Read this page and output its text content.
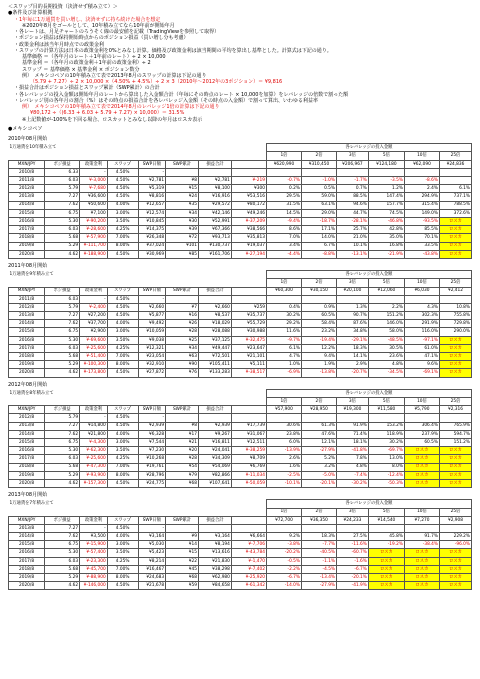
＜スワップ目的長期投資（決済せず積み立て）＞
●条件及び計算根拠
・1年毎に1万通貨を買い増し、決済せずに持ち続けた場合を想定
※2020年8月をゴールとして、10年積み立てなら10年前が開始年月
・各レートは、月足チャートのろうそく線の最安値を記載（TradingViewを参照して取得）
・ポジション損益は保持開始時点からのポジション損益（買い増し分も考慮）
・政策金利は該当年月時点での政策金利
・スワップの計算方法は日本の政策金利を0%とみなし計算。価格及び政策金利は該当期間の平均を算出し基準とした。計算式は下記の通り。
基準価格 ＝（各年月のレート＋1年前のレート）÷ 2 × 10,000
基準金利 ＝（各年月の政策金利＋1年前の政策金利）÷ 2
スワップ ＝ 基準価格 × 基準金利 × ポジション数分
例）　メキシコペソの10年積み立て表で2013年8月のスワップの計算は下記の通り
（5.79 + 7.27）÷ 2 × 10,000 ×（4.50% + 4.5%）÷ 2 × 3（2010年〜2012年の3ポジション）＝ ¥9,816
・損益合計はポジション損益とスワップ累計（SWP累計）の合計
・各レバレッジの投入金額は開始年月のレートから算出した入金額合計（年毎にその時点のレート × 10,000を加算）をレバレッジの倍数で割った額
・レバレッジ別の各年月の割合（%）はその時点の損益合計を各レバレッジ入金額（その時点の入金額）で割って算出、いわゆる利益率
例）　メキシコペソの10年積み立て表で2014年8月のレバレッジ1倍の計算は下記の通り
¥80,172 ÷（(6.33 + 6.03 + 5.79 + 7.27) × 10,000）＝ 31.5%
※上記数値が-100%を下回る場合、ロスカットとみなし以降の年月はロスカ表示
●メキシコペソ
2010年08月開始
1万通貨を10年積み立て								各レバレッジの投入金額					
								1倍	2倍	3倍	5倍	10倍	25倍
MXN/JPY	ポジ損益	政策金利	スワップ	SWP日額	SWP累計	損益合計		¥620,990	¥310,450	¥206,967	¥124,180	¥62,090	¥24,836
2010/8	6.33	-	4.50%	-									
2011/8	6.03	¥-3,000	4.50%	¥2,781	¥8	¥2,781	¥-219	-0.7%	-1.0%	-1.7%	-3.5%	-8.6%	
2012/8	5.79	¥-7,680	4.50%	¥5,319	¥15	¥8,100	¥300	0.2%	0.5%	0.7%	1.2%	2.4%	6.1%
2013/8	7.27	¥36,600	4.50%	¥8,816	¥24	¥16,916	¥53,516	29.5%	59.0%	88.5%	147.4%	294.9%	737.1%
2014/8	7.62	¥50,600	4.00%	¥12,657	¥35	¥29,572	¥80,172	31.5%	63.1%	94.6%	157.7%	315.4%	788.5%
2015/8	6.75	¥7,100	3.00%	¥12,574	¥34	¥42,146	¥49,246	14.5%	29.0%	44.7%	74.5%	149.0%	372.6%
2016/8	5.30	¥-90,200	3.50%	¥10,845	¥30	¥52,991	¥-37,209	-9.4%	-18.7%	-28.1%	-46.8%	-93.5%	ロスカ
2017/8	6.03	¥-28,600	4.25%	¥14,375	¥39	¥67,366	¥38,566	8.6%	17.1%	25.7%	42.8%	85.5%	ロスカ
2018/8	5.68	¥-57,900	7.00%	¥26,348	¥72	¥93,713	¥35,813	7.0%	14.0%	21.0%	35.0%	70.1%	ロスカ
2019/8	5.29	¥-111,700	8.00%	¥37,024	¥101	¥130,737	¥19,037	3.4%	6.7%	10.1%	16.8%	33.5%	ロスカ
2020/8	4.62	¥-188,900	4.50%	¥30,969	¥85	¥161,706	¥-27,194	-4.4%	-8.8%	-13.1%	-21.9%	-43.8%	ロスカ
2011年08月開始
1万通貨を9年積み立て								各レバレッジの投入金額					
								1倍	2倍	3倍	5倍	10倍	25倍
MXN/JPY	ポジ損益	政策金利	スワップ	SWP日額	SWP累計	損益合計		¥60,300	¥30,150	¥20,100	¥12,060	¥6,030	¥2,412
2011/8	6.03	-	4.50%	-									
2012/8	5.79	¥-2,400	4.50%	¥2,660	¥7	¥2,660	¥259	0.4%	0.9%	1.3%	2.2%	4.3%	10.8%
2013/8	7.27	¥27,200	4.50%	¥5,877	¥16	¥8,537	¥35,737	30.2%	60.5%	90.7%	151.2%	302.3%	755.8%
2014/8	7.62	¥37,700	4.00%	¥9,492	¥26	¥18,029	¥55,729	29.2%	58.4%	87.6%	146.0%	291.9%	729.8%
2015/8	6.75	¥2,900	3.00%	¥10,059	¥28	¥28,088	¥30,988	11.6%	23.2%	34.8%	58.0%	116.0%	290.0%
2016/8	5.30	¥-69,600	3.50%	¥9,038	¥25	¥37,125	¥-32,475	-9.7%	-19.4%	-29.1%	-48.5%	-97.1%	ロスカ
2017/8	6.03	¥-25,600	4.25%	¥12,321	¥34	¥49,447	¥23,647	6.1%	12.2%	18.3%	30.5%	61.0%	ロスカ
2018/8	5.68	¥-51,400	7.00%	¥23,054	¥63	¥72,501	¥21,101	4.7%	9.4%	14.1%	23.6%	47.1%	ロスカ
2019/8	5.29	¥-100,300	8.00%	¥32,910	¥90	¥105,411	¥5,111	1.0%	1.9%	2.9%	4.8%	9.6%	ロスカ
2020/8	4.62	¥-173,800	4.50%	¥27,872	¥76	¥133,283	¥-38,517	-6.9%	-13.8%	-20.7%	-34.5%	-69.1%	ロスカ
2012年08月開始
1万通貨を8年積み立て								各レバレッジの投入金額					
								1倍	2倍	3倍	5倍	10倍	25倍
MXN/JPY	ポジ損益	政策金利	スワップ	SWP日額	SWP累計	損益合計		¥57,900	¥28,950	¥19,300	¥11,580	¥5,790	¥2,316
2012/8	5.79	-	4.50%	-									
2013/8	7.27	¥14,800	4.50%	¥2,939	¥8	¥2,939	¥17,739	30.6%	61.3%	91.9%	153.2%	306.4%	765.9%
2014/8	7.62	¥21,800	4.00%	¥6,328	¥17	¥9,267	¥31,067	23.8%	47.6%	71.4%	118.9%	237.9%	594.7%
2015/8	6.75	¥-4,300	3.00%	¥7,544	¥21	¥16,811	¥12,511	6.0%	12.1%	18.1%	30.2%	60.5%	151.2%
2016/8	5.30	¥-62,300	3.50%	¥7,230	¥20	¥24,041	¥-38,259	-13.9%	-27.9%	-41.8%	-69.7%	ロスカ	ロスカ
2017/8	6.03	¥-25,600	4.25%	¥10,268	¥28	¥34,309	¥8,709	2.6%	5.2%	7.8%	13.0%	ロスカ	ロスカ
2018/8	5.68	¥-47,300	7.00%	¥19,761	¥54	¥54,069	¥6,769	1.6%	3.2%	4.8%	8.0%	ロスカ	ロスカ
2019/8	5.29	¥-93,900	8.00%	¥28,796	¥79	¥82,866	¥-11,034	-2.5%	-5.0%	-7.4%	-12.4%	ロスカ	ロスカ
2020/8	4.62	¥-157,300	4.50%	¥24,775	¥68	¥107,641	¥-50,059	-10.1%	-20.1%	-30.2%	-50.3%	ロスカ	ロスカ
2013年08月開始
1万通貨を7年積み立て								各レバレッジの投入金額					
								1倍	2倍	3倍	5倍	10倍	25倍
MXN/JPY	ポジ損益	政策金利	スワップ	SWP日額	SWP累計	損益合計		¥72,700	¥36,350	¥24,233	¥14,540	¥7,270	¥2,908
2013/8	7.27	-	4.50%	-									
2014/8	7.62	¥3,500	4.00%	¥3,164	¥9	¥3,164	¥6,664	9.2%	18.3%	27.5%	45.8%	91.7%	229.2%
2015/8	6.75	¥-15,900	3.00%	¥5,030	¥14	¥8,194	¥-7,706	-3.8%	-7.7%	-11.6%	-19.2%	-38.4%	-96.0%
2016/8	5.30	¥-57,400	3.50%	¥5,423	¥15	¥13,616	¥-43,784	-20.2%	-40.5%	-60.7%	ロスカ	ロスカ	ロスカ
2017/8	6.03	¥-23,300	4.25%	¥8,214	¥22	¥21,830	¥-1,470	-0.5%	-1.1%	-1.6%	ロスカ	ロスカ	ロスカ
2018/8	5.68	¥-45,700	7.00%	¥16,467	¥45	¥38,298	¥-7,402	-2.2%	-4.5%	-6.7%	ロスカ	ロスカ	ロスカ
2019/8	5.29	¥-88,900	8.00%	¥24,683	¥68	¥62,980	¥-25,920	-6.7%	-13.4%	-20.1%	ロスカ	ロスカ	ロスカ
2020/8	4.62	¥-146,000	4.50%	¥21,678	¥59	¥84,658	¥-61,342	-14.0%	-27.9%	-41.9%	ロスカ	ロスカ	ロスカ
